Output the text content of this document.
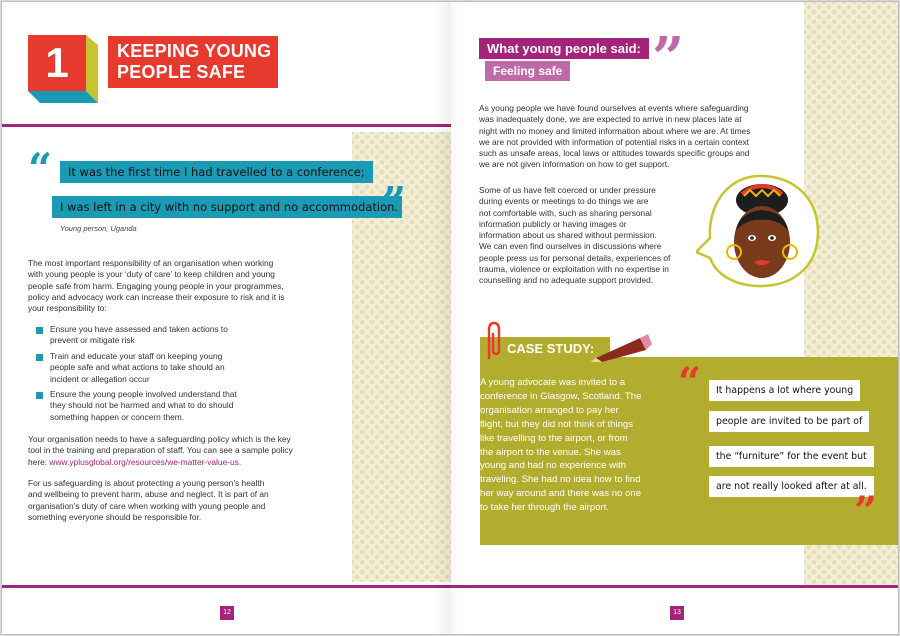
1	KEEPING YOUNG
PEOPLE SAFE
“	It was the first time I had travelled to a conference;
I was left in a city with no support and no accommodation.
”
Young person, Uganda
The most important responsibility of an organisation when working
with young people is your ‘duty of care’ to keep children and young
people safe from harm. Engaging young people in your programmes,
policy and advocacy work can increase their exposure to risk and it is
your responsibility to:
Ensure you have assessed and taken actions to
prevent or mitigate risk
Train and educate your staff on keeping young
people safe and what actions to take should an
incident or allegation occur
Ensure the young people involved understand that
they should not be harmed and what to do should
something happen or concern them.
Your organisation needs to have a safeguarding policy which is the key
tool in the training and preparation of staff. You can see a sample policy
here: www.yplusglobal.org/resources/we-matter-value-us.
For us safeguarding is about protecting a young person’s health
and wellbeing to prevent harm, abuse and neglect. It is part of an
organisation’s duty of care when working with young people and
something everyone should be responsible for.
12
What young people said:
Feeling safe ”
As young people we have found ourselves at events where safeguarding
was inadequately done, we are expected to arrive in new places late at
night with no money and limited information about where we are. At times
we are not provided with information of potential risks in a certain context
such as unsafe areas, local laws or attitudes towards specific groups and
we are not given information on how to get support.
Some of us have felt coerced or under pressure
during events or meetings to do things we are
not comfortable with, such as sharing personal
information publicly or having images or
information about us shared without permission.
We can even find ourselves in discussions where
people press us for personal details, experiences of
trauma, violence or exploitation with no expertise in
counselling and no adequate support provided.
CASE STUDY:
A young advocate was invited to a
conference in Glasgow, Scotland. The
organisation arranged to pay her
flight, but they did not think of things
like travelling to the airport, or from
the airport to the venue. She was
young and had no experience with
traveling. She had no idea how to find
her way around and there was no one
to take her through the airport.
“	It happens a lot where young
people are invited to be part of
the “furniture” for the event but
are not really looked after at all.
”
13
